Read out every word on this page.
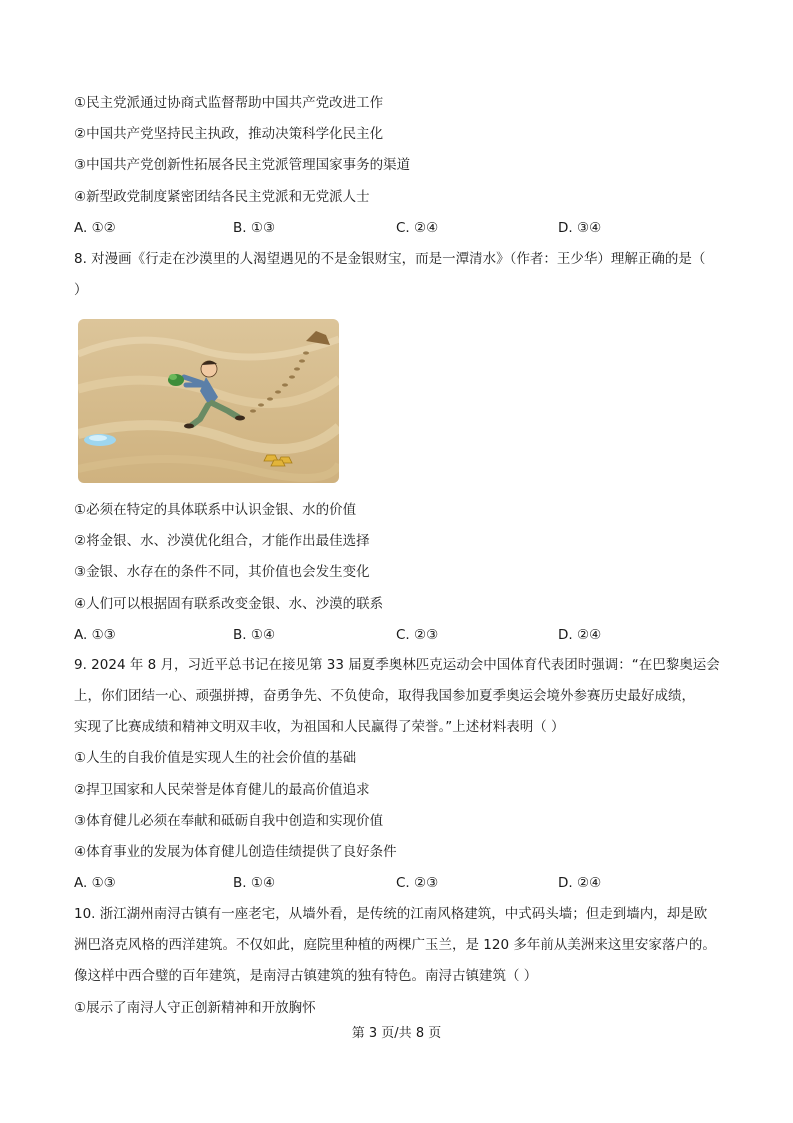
①民主党派通过协商式监督帮助中国共产党改进工作
②中国共产党坚持民主执政，推动决策科学化民主化
③中国共产党创新性拓展各民主党派管理国家事务的渠道
④新型政党制度紧密团结各民主党派和无党派人士
A. ①②	B. ①③	C. ②④	D. ③④
8. 对漫画《行走在沙漠里的人渴望遇见的不是金银财宝，而是一潭清水》（作者：王少华）理解正确的是（
）
①必须在特定的具体联系中认识金银、水的价值
②将金银、水、沙漠优化组合，才能作出最佳选择
③金银、水存在的条件不同，其价值也会发生变化
④人们可以根据固有联系改变金银、水、沙漠的联系
A. ①③	B. ①④	C. ②③	D. ②④
9. 2024 年 8 月，习近平总书记在接见第 33 届夏季奥林匹克运动会中国体育代表团时强调：“在巴黎奥运会
上，你们团结一心、顽强拼搏，奋勇争先、不负使命，取得我国参加夏季奥运会境外参赛历史最好成绩，
实现了比赛成绩和精神文明双丰收，为祖国和人民赢得了荣誉。”上述材料表明（ ）
①人生的自我价值是实现人生的社会价值的基础
②捍卫国家和人民荣誉是体育健儿的最高价值追求
③体育健儿必须在奉献和砥砺自我中创造和实现价值
④体育事业的发展为体育健儿创造佳绩提供了良好条件
A. ①③	B. ①④	C. ②③	D. ②④
10. 浙江湖州南浔古镇有一座老宅，从墙外看，是传统的江南风格建筑，中式码头墙；但走到墙内，却是欧
洲巴洛克风格的西洋建筑。不仅如此，庭院里种植的两棵广玉兰，是 120 多年前从美洲来这里安家落户的。
像这样中西合璧的百年建筑，是南浔古镇建筑的独有特色。南浔古镇建筑（ ）
①展示了南浔人守正创新精神和开放胸怀
第 3 页/共 8 页
